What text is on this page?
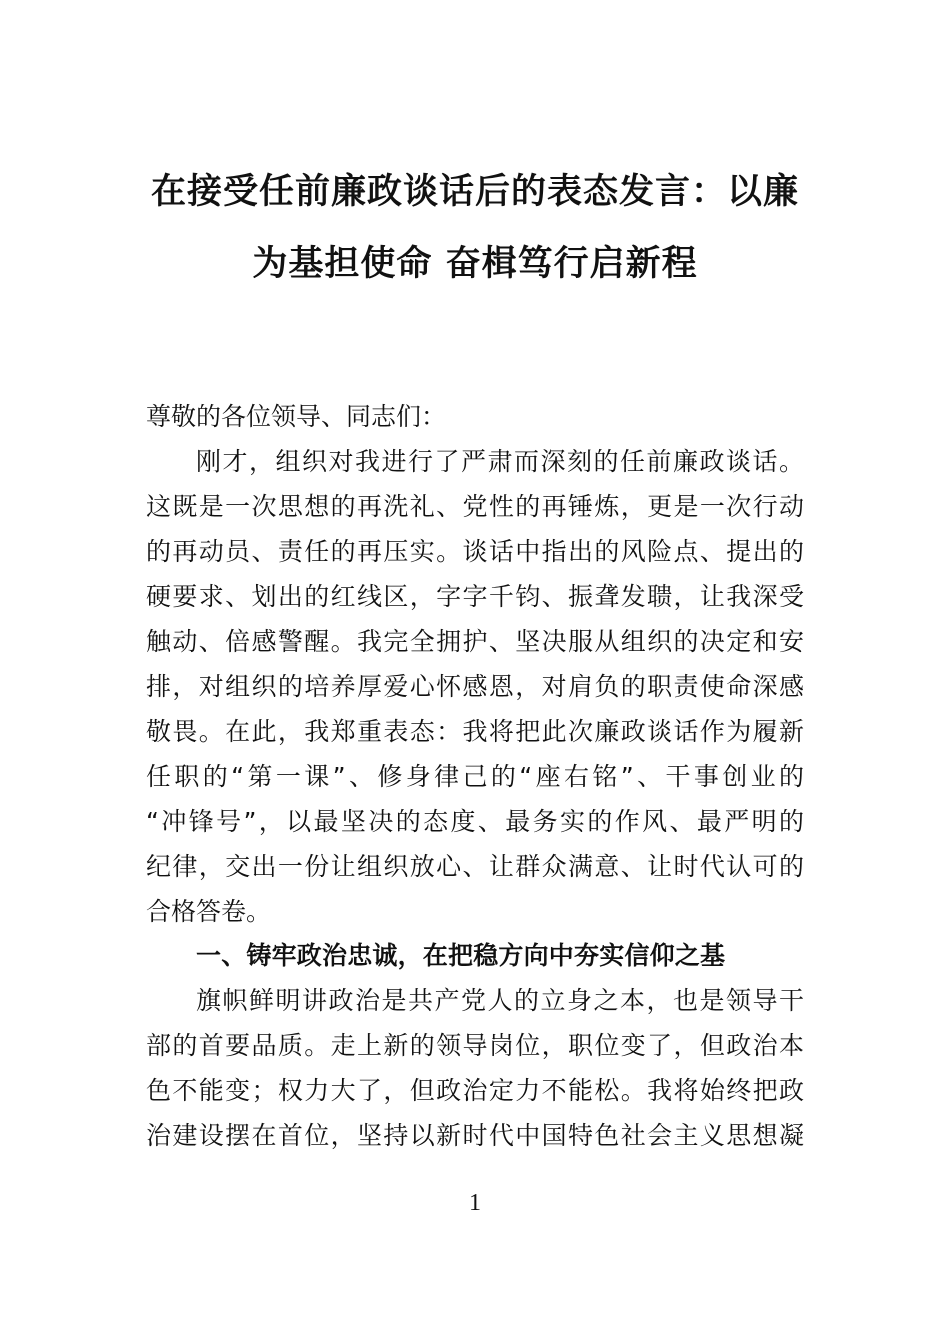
在接受任前廉政谈话后的表态发言：以廉
为基担使命 奋楫笃行启新程
尊敬的各位领导、同志们：
刚才，组织对我进行了严肃而深刻的任前廉政谈话。
这既是一次思想的再洗礼、党性的再锤炼，更是一次行动
的再动员、责任的再压实。谈话中指出的风险点、提出的
硬要求、划出的红线区，字字千钧、振聋发聩，让我深受
触动、倍感警醒。我完全拥护、坚决服从组织的决定和安
排，对组织的培养厚爱心怀感恩，对肩负的职责使命深感
敬畏。在此，我郑重表态：我将把此次廉政谈话作为履新
任职的“第一课”、修身律己的“座右铭”、干事创业的
“冲锋号”，以最坚决的态度、最务实的作风、最严明的
纪律，交出一份让组织放心、让群众满意、让时代认可的
合格答卷。
一、铸牢政治忠诚，在把稳方向中夯实信仰之基
旗帜鲜明讲政治是共产党人的立身之本，也是领导干
部的首要品质。走上新的领导岗位，职位变了，但政治本
色不能变；权力大了，但政治定力不能松。我将始终把政
治建设摆在首位，坚持以新时代中国特色社会主义思想凝
1
